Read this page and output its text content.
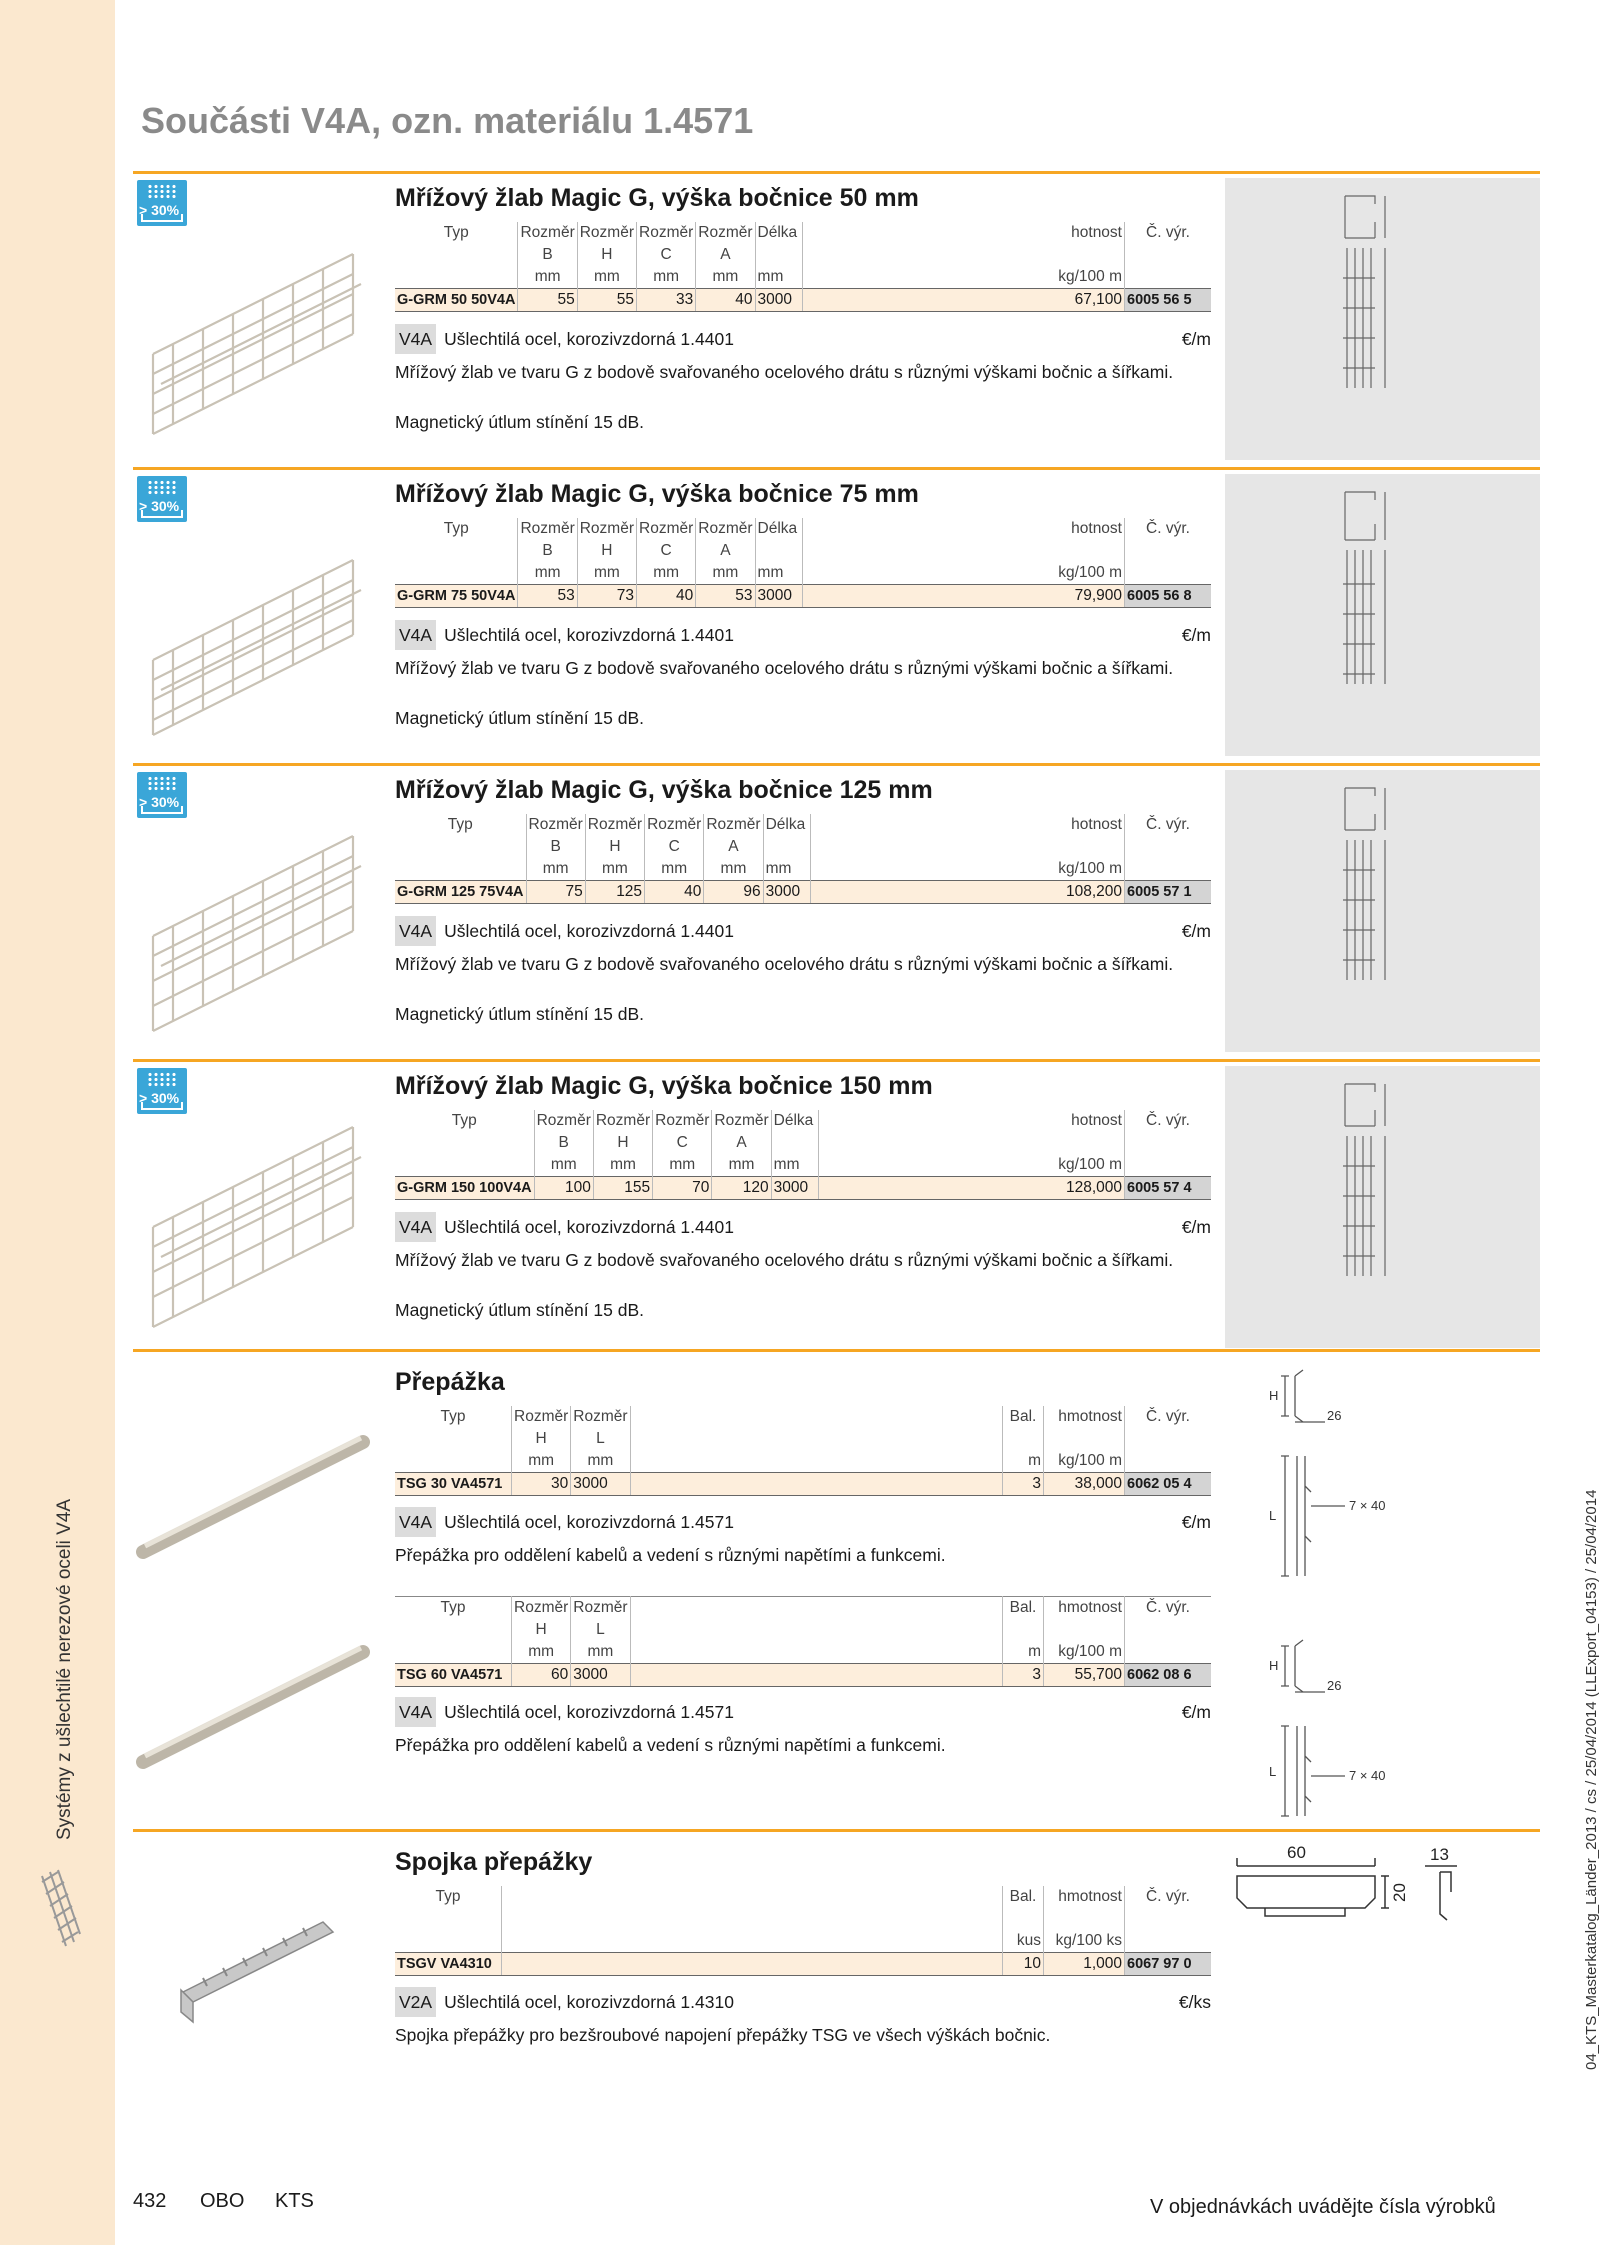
Systémy z ušlechtilé nerezové oceli V4A	04_KTS_Masterkatalog_Länder_2013 / cs / 25/04/2014 (LLExport_04153) / 25/04/2014
Součásti V4A, ozn. materiálu 1.4571
> 30%	Mřížový žlab Magic G, výška bočnice 50 mm
Typ	Rozměr	Rozměr	Rozměr	Rozměr	Délka	hotnost	Č. výr.
	B	H	C	A			
	mm	mm	mm	mm	mm	kg/100 m	
G-GRM 50 50V4A	55	55	33	40	3000	67,100	6005 56 5
V4A Ušlechtilá ocel, korozivzdorná 1.4401	€/m
Mřížový žlab ve tvaru G z bodově svařovaného ocelového drátu s různými výškami bočnic a šířkami.
Magnetický útlum stínění 15 dB.
> 30%	Mřížový žlab Magic G, výška bočnice 75 mm
Typ	Rozměr	Rozměr	Rozměr	Rozměr	Délka	hotnost	Č. výr.
	B	H	C	A			
	mm	mm	mm	mm	mm	kg/100 m	
G-GRM 75 50V4A	53	73	40	53	3000	79,900	6005 56 8
V4A Ušlechtilá ocel, korozivzdorná 1.4401	€/m
Mřížový žlab ve tvaru G z bodově svařovaného ocelového drátu s různými výškami bočnic a šířkami.
Magnetický útlum stínění 15 dB.
> 30%	Mřížový žlab Magic G, výška bočnice 125 mm
Typ	Rozměr	Rozměr	Rozměr	Rozměr	Délka	hotnost	Č. výr.
	B	H	C	A			
	mm	mm	mm	mm	mm	kg/100 m	
G-GRM 125 75V4A	75	125	40	96	3000	108,200	6005 57 1
V4A Ušlechtilá ocel, korozivzdorná 1.4401	€/m
Mřížový žlab ve tvaru G z bodově svařovaného ocelového drátu s různými výškami bočnic a šířkami.
Magnetický útlum stínění 15 dB.
> 30%	Mřížový žlab Magic G, výška bočnice 150 mm
Typ	Rozměr	Rozměr	Rozměr	Rozměr	Délka	hotnost	Č. výr.
	B	H	C	A			
	mm	mm	mm	mm	mm	kg/100 m	
G-GRM 150 100V4A	100	155	70	120	3000	128,000	6005 57 4
V4A Ušlechtilá ocel, korozivzdorná 1.4401	€/m
Mřížový žlab ve tvaru G z bodově svařovaného ocelového drátu s různými výškami bočnic a šířkami.
Magnetický útlum stínění 15 dB.
Přepážka
Typ	Rozměr	Rozměr		Bal.	hmotnost	Č. výr.
	H	L				
	mm	mm		m	kg/100 m	
TSG 30 VA4571	30	3000		3	38,000	6062 05 4
V4A Ušlechtilá ocel, korozivzdorná 1.4571	€/m
Přepážka pro oddělení kabelů a vedení s různými napětími a funkcemi.
Typ	Rozměr	Rozměr		Bal.	hmotnost	Č. výr.
	H	L				
	mm	mm		m	kg/100 m	
TSG 60 VA4571	60	3000		3	55,700	6062 08 6
V4A Ušlechtilá ocel, korozivzdorná 1.4571	€/m
Přepážka pro oddělení kabelů a vedení s různými napětími a funkcemi.
H
26
L
7 × 40
H
26
L	7 × 40
Spojka přepážky
Typ		Bal.	hmotnost	Č. výr.

		kus	kg/100 ks	
TSGV VA4310		10	1,000	6067 97 0
V2A Ušlechtilá ocel, korozivzdorná 1.4310	€/ks
Spojka přepážky pro bezšroubové napojení přepážky TSG ve všech výškách bočnic.
60
20
13
432 OBO KTS	V objednávkách uvádějte čísla výrobků
